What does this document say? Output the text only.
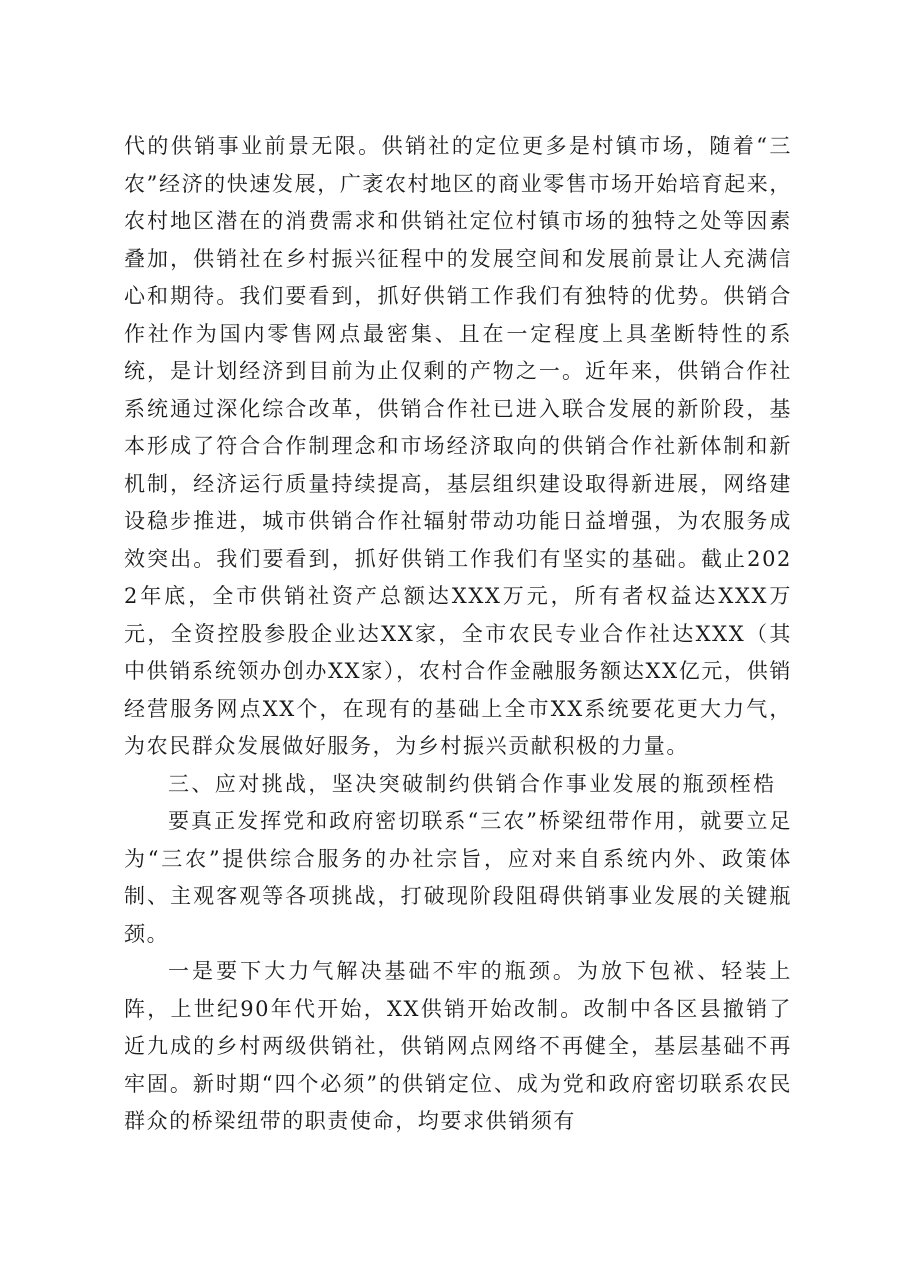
代的供销事业前景无限。供销社的定位更多是村镇市场，随着“三农”经济的快速发展，广袤农村地区的商业零售市场开始培育起来，农村地区潜在的消费需求和供销社定位村镇市场的独特之处等因素叠加，供销社在乡村振兴征程中的发展空间和发展前景让人充满信心和期待。我们要看到，抓好供销工作我们有独特的优势。供销合作社作为国内零售网点最密集、且在一定程度上具垄断特性的系统，是计划经济到目前为止仅剩的产物之一。近年来，供销合作社系统通过深化综合改革，供销合作社已进入联合发展的新阶段，基本形成了符合合作制理念和市场经济取向的供销合作社新体制和新机制，经济运行质量持续提高，基层组织建设取得新进展，网络建设稳步推进，城市供销合作社辐射带动功能日益增强，为农服务成效突出。我们要看到，抓好供销工作我们有坚实的基础。截止2022年底，全市供销社资产总额达XXX万元，所有者权益达XXX万元，全资控股参股企业达XX家，全市农民专业合作社达XXX（其中供销系统领办创办XX家），农村合作金融服务额达XX亿元，供销经营服务网点XX个，在现有的基础上全市XX系统要花更大力气，为农民群众发展做好服务，为乡村振兴贡献积极的力量。

三、应对挑战，坚决突破制约供销合作事业发展的瓶颈桎梏

要真正发挥党和政府密切联系“三农”桥梁纽带作用，就要立足为“三农”提供综合服务的办社宗旨，应对来自系统内外、政策体制、主观客观等各项挑战，打破现阶段阻碍供销事业发展的关键瓶颈。

一是要下大力气解决基础不牢的瓶颈。为放下包袱、轻装上阵，上世纪90年代开始，XX供销开始改制。改制中各区县撤销了近九成的乡村两级供销社，供销网点网络不再健全，基层基础不再牢固。新时期“四个必须”的供销定位、成为党和政府密切联系农民群众的桥梁纽带的职责使命，均要求供销须有
